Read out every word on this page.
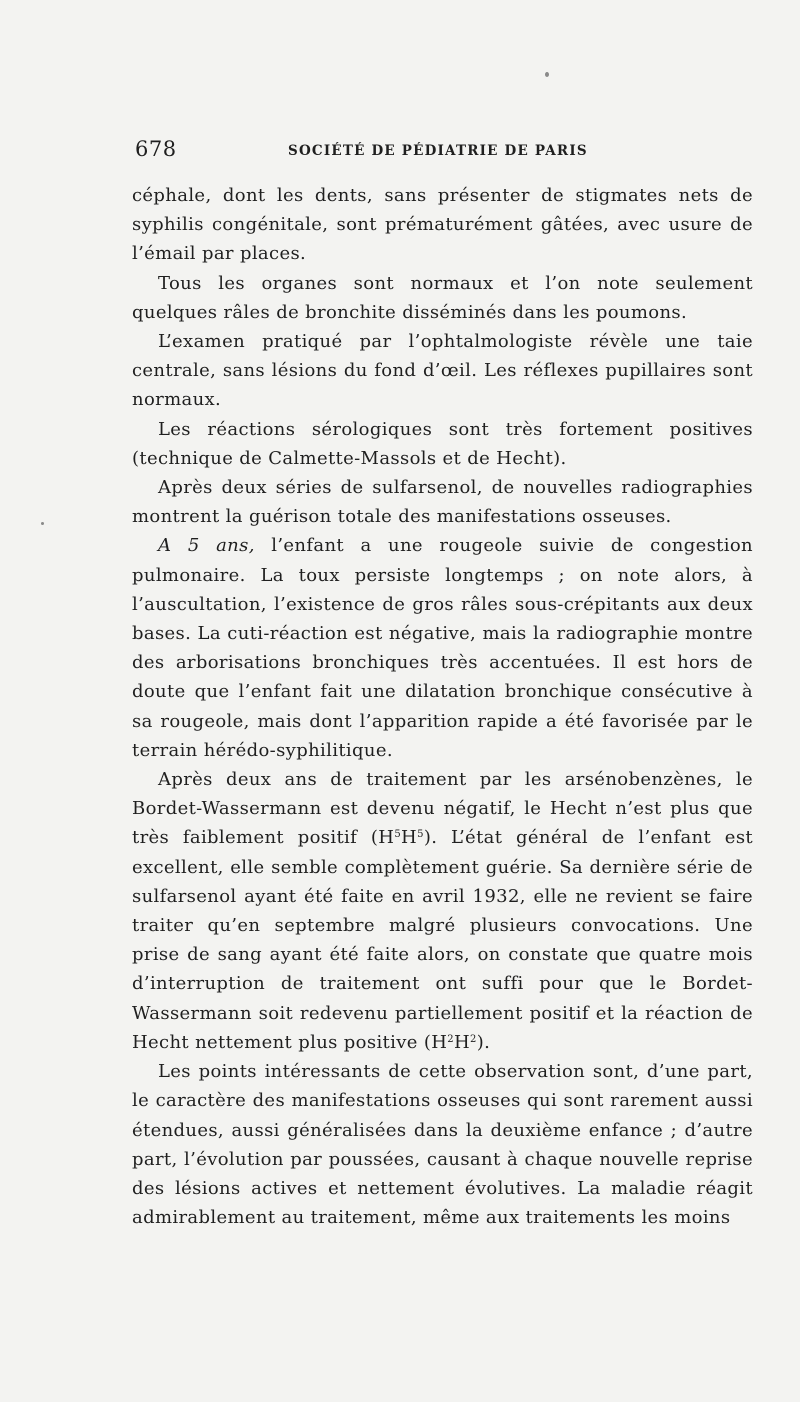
678	SOCIÉTÉ DE PÉDIATRIE DE PARIS

céphale, dont les dents, sans présenter de stigmates nets de syphilis congénitale, sont prématurément gâtées, avec usure de l’émail par places.

Tous les organes sont normaux et l’on note seulement quelques râles de bronchite disséminés dans les poumons.

L’examen pratiqué par l’ophtalmologiste révèle une taie centrale, sans lésions du fond d’œil. Les réflexes pupillaires sont normaux.

Les réactions sérologiques sont très fortement positives (technique de Calmette-Massols et de Hecht).

Après deux séries de sulfarsenol, de nouvelles radiographies montrent la guérison totale des manifestations osseuses.

A 5 ans, l’enfant a une rougeole suivie de congestion pulmonaire. La toux persiste longtemps ; on note alors, à l’auscultation, l’existence de gros râles sous-crépitants aux deux bases. La cuti-réaction est négative, mais la radiographie montre des arborisations bronchiques très accentuées. Il est hors de doute que l’enfant fait une dilatation bronchique consécutive à sa rougeole, mais dont l’apparition rapide a été favorisée par le terrain hérédo-syphilitique.

Après deux ans de traitement par les arsénobenzènes, le Bordet-Wassermann est devenu négatif, le Hecht n’est plus que très faiblement positif $(H^5H^5)$. L’état général de l’enfant est excellent, elle semble complètement guérie. Sa dernière série de sulfarsenol ayant été faite en avril 1932, elle ne revient se faire traiter qu’en septembre malgré plusieurs convocations. Une prise de sang ayant été faite alors, on constate que quatre mois d’interruption de traitement ont suffi pour que le Bordet-Wassermann soit redevenu partiellement positif et la réaction de Hecht nettement plus positive $(H^2H^2)$.

Les points intéressants de cette observation sont, d’une part, le caractère des manifestations osseuses qui sont rarement aussi étendues, aussi généralisées dans la deuxième enfance ; d’autre part, l’évolution par poussées, causant à chaque nouvelle reprise des lésions actives et nettement évolutives. La maladie réagit admirablement au traitement, même aux traitements les moins
